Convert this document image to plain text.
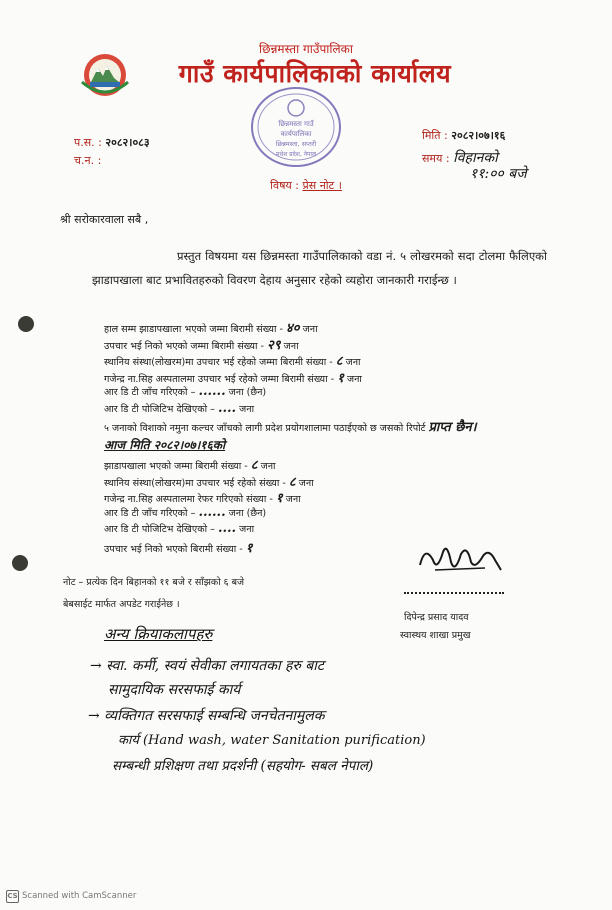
छिन्नमस्ता गाउँपालिका
गाउँ कार्यपालिकाको कार्यालय
छिन्नमस्ता गाउँ
कार्यपालिका
छिन्नमस्ता, सप्तरी
मधेश प्रदेश, नेपाल
प.स. : २०८२।०८३
च.न. :
मिति : २०८२।०७।१६
समय : विहानको
११:०० बजे
विषय : प्रेस नोट ।
श्री सरोकारवाला सबै ,
प्रस्तुत विषयमा यस छिन्नमस्ता गाउँपालिकाको वडा नं. ५ लोखरमको सदा टोलमा फैलिएको झाडापखाला बाट प्रभावितहरुको विवरण देहाय अनुसार रहेको व्यहोरा जानकारी गराईन्छ ।
हाल सम्म झाडापखाला भएको जम्मा बिरामी संख्या - ४० जना
उपचार भई निको भएको जम्मा बिरामी संख्या - २९ जना
स्थानिय संस्था(लोखरम)मा उपचार भई रहेको जम्मा बिरामी संख्या - ८ जना
गजेन्द्र ना.सिह अस्पतालमा उपचार भई रहेको जम्मा बिरामी संख्या - १ जना
आर डि टी जाँच गरिएको – ...... जना (छैन)
आर डि टी पोजिटिभ देखिएको – .... जना
५ जनाको विशाको नमुना कल्चर जाँचको लागी प्रदेश प्रयोगशालामा पठाईएको छ जसको रिपोर्ट प्राप्त छैन।
आज मिति २०८२।०७।१६को
झाडापखाला भएको जम्मा बिरामी संख्या - ८ जना
स्थानिय संस्था(लोखरम)मा उपचार भई रहेको संख्या - ८ जना
गजेन्द्र ना.सिह अस्पतालमा रेफर गरिएको संख्या - १ जना
आर डि टी जाँच गरिएको – ...... जना (छैन)
आर डि टी पोजिटिभ देखिएको – .... जना
उपचार भई निको भएको बिरामी संख्या - १
दिपेन्द्र प्रसाद यादव
स्वास्थय शाखा प्रमुख
नोट – प्रत्येक दिन बिहानको ११ बजे र साँझको ६ बजे
बेबसाईट मार्फत अपडेट गराईनेछ ।
अन्य क्रियाकलापहरु
→ स्वा. कर्मी, स्वयं सेवीका लगायतका हरु बाट
सामुदायिक सरसफाई कार्य
→ व्यक्तिगत सरसफाई सम्बन्धि जनचेतनामुलक
कार्य (Hand wash, water Sanitation purification)
सम्बन्धी प्रशिक्षण तथा प्रदर्शनी (सहयोग- सबल नेपाल)
CS Scanned with CamScanner
